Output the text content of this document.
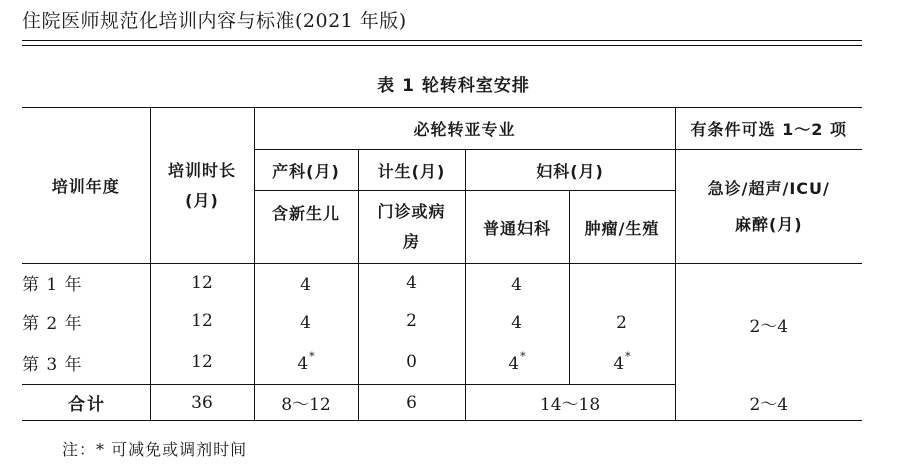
住院医师规范化培训内容与标准(2021 年版)
表 1 轮转科室安排
培训年度	培训时长(月)	必轮转亚专业				有条件可选 1～2 项
		产科(月)	计生(月)	妇科(月)		急诊/超声/ICU/麻醉(月)
		含新生儿	门诊或病房	普通妇科	肿瘤/生殖	
第 1 年	12	4	4	4		2～4
第 2 年	12	4	2	4	2	
第 3 年	12	4*	0	4*	4*
合计	36	8～12	6	14～18		2～4
注：* 可减免或调剂时间
